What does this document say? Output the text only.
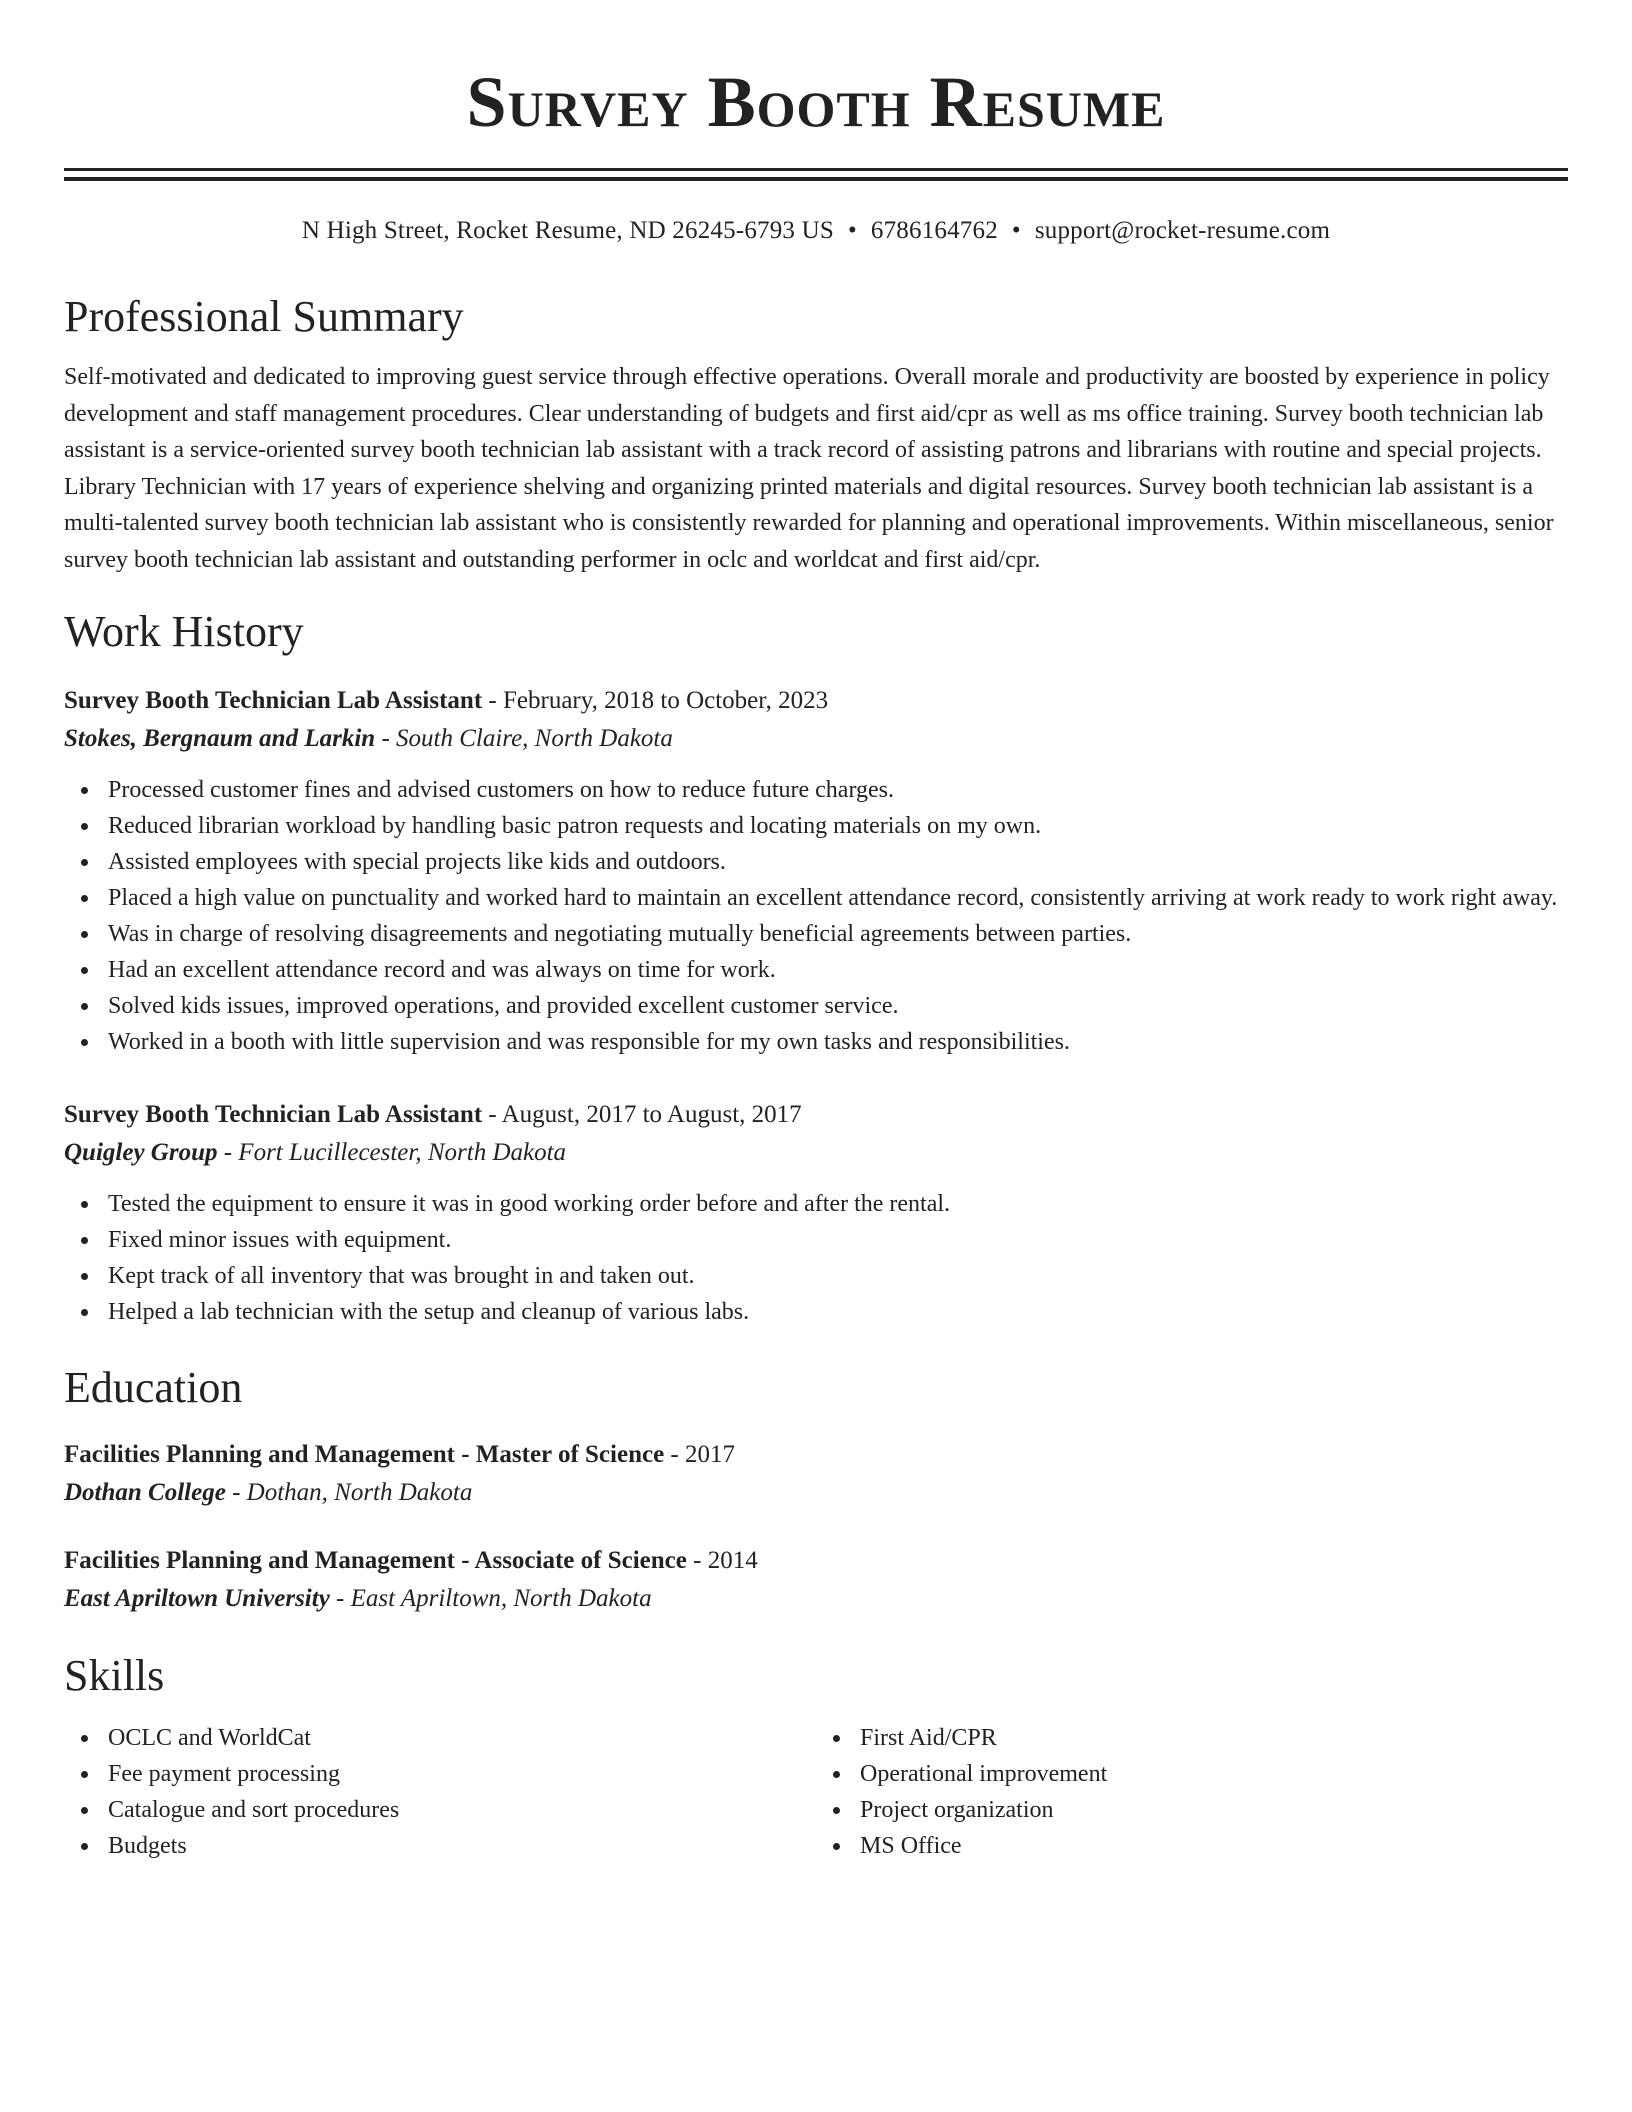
Survey Booth Resume
N High Street, Rocket Resume, ND 26245-6793 US • 6786164762 • support@rocket-resume.com
Professional Summary
Self-motivated and dedicated to improving guest service through effective operations. Overall morale and productivity are boosted by experience in policy development and staff management procedures. Clear understanding of budgets and first aid/cpr as well as ms office training. Survey booth technician lab assistant is a service-oriented survey booth technician lab assistant with a track record of assisting patrons and librarians with routine and special projects. Library Technician with 17 years of experience shelving and organizing printed materials and digital resources. Survey booth technician lab assistant is a multi-talented survey booth technician lab assistant who is consistently rewarded for planning and operational improvements. Within miscellaneous, senior survey booth technician lab assistant and outstanding performer in oclc and worldcat and first aid/cpr.
Work History
Survey Booth Technician Lab Assistant - February, 2018 to October, 2023
Stokes, Bergnaum and Larkin - South Claire, North Dakota
Processed customer fines and advised customers on how to reduce future charges.
Reduced librarian workload by handling basic patron requests and locating materials on my own.
Assisted employees with special projects like kids and outdoors.
Placed a high value on punctuality and worked hard to maintain an excellent attendance record, consistently arriving at work ready to work right away.
Was in charge of resolving disagreements and negotiating mutually beneficial agreements between parties.
Had an excellent attendance record and was always on time for work.
Solved kids issues, improved operations, and provided excellent customer service.
Worked in a booth with little supervision and was responsible for my own tasks and responsibilities.
Survey Booth Technician Lab Assistant - August, 2017 to August, 2017
Quigley Group - Fort Lucillecester, North Dakota
Tested the equipment to ensure it was in good working order before and after the rental.
Fixed minor issues with equipment.
Kept track of all inventory that was brought in and taken out.
Helped a lab technician with the setup and cleanup of various labs.
Education
Facilities Planning and Management - Master of Science - 2017
Dothan College - Dothan, North Dakota
Facilities Planning and Management - Associate of Science - 2014
East Apriltown University - East Apriltown, North Dakota
Skills
OCLC and WorldCat
Fee payment processing
Catalogue and sort procedures
Budgets
First Aid/CPR
Operational improvement
Project organization
MS Office
